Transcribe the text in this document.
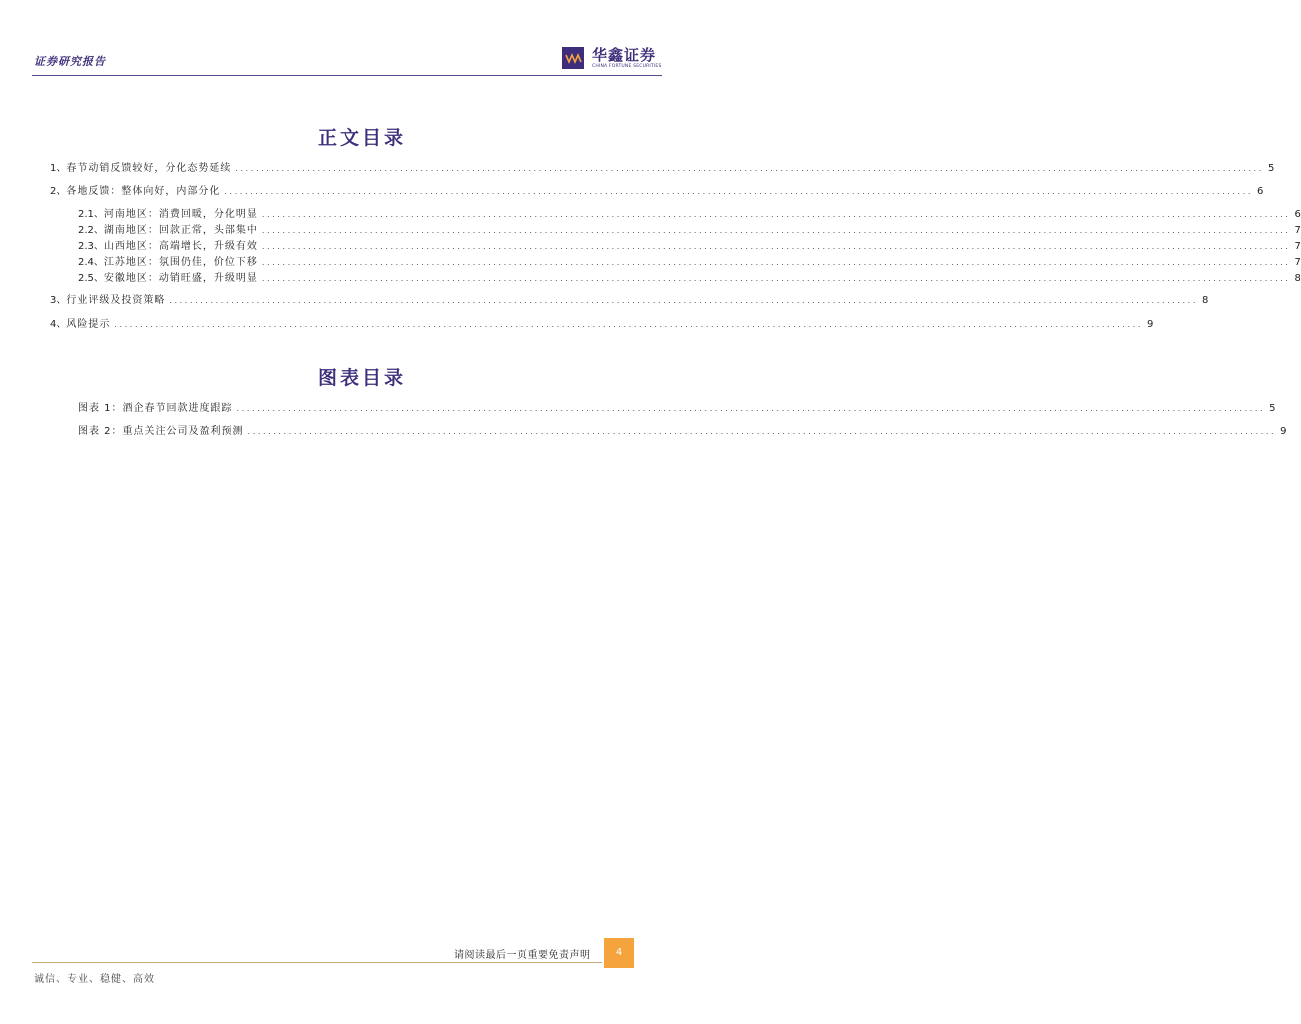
证券研究报告	华鑫证券
CHINA FORTUNE SECURITIES
正文目录
1、 春节动销反馈较好，分化态势延续 ........................................................................................................................................................................................................ 5
2、 各地反馈：整体向好，内部分化 ........................................................................................................................................................................................................ 6
2.1、 河南地区：消费回暖，分化明显 ........................................................................................................................................................................................................ 6
2.2、 湖南地区：回款正常，头部集中 ........................................................................................................................................................................................................ 7
2.3、 山西地区：高端增长，升级有效 ........................................................................................................................................................................................................ 7
2.4、 江苏地区：氛围仍佳，价位下移 ........................................................................................................................................................................................................ 7
2.5、 安徽地区：动销旺盛，升级明显 ........................................................................................................................................................................................................ 8
3、 行业评级及投资策略 ........................................................................................................................................................................................................ 8
4、 风险提示 ........................................................................................................................................................................................................ 9
图表目录
图表 1：酒企春节回款进度跟踪 ........................................................................................................................................................................................................ 5
图表 2：重点关注公司及盈利预测 ........................................................................................................................................................................................................ 9
请阅读最后一页重要免责声明	4
诚信、专业、稳健、高效
